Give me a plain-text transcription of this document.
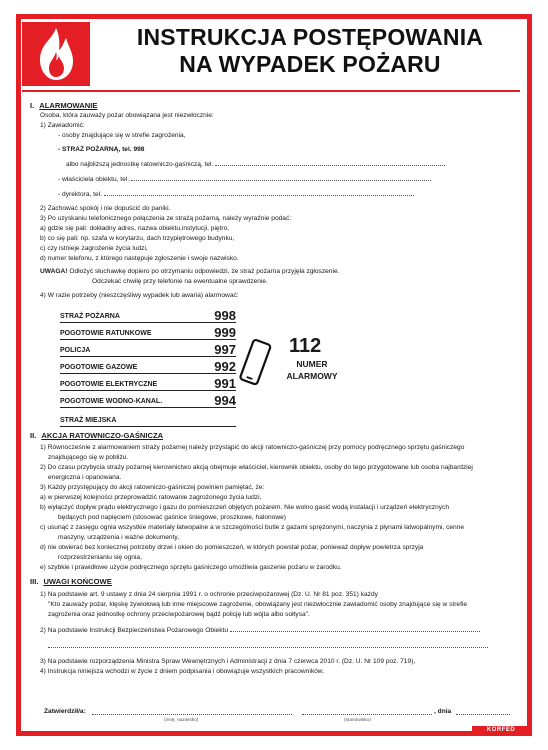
INSTRUKCJA POSTĘPOWANIA
NA WYPADEK POŻARU
I. ALARMOWANIE

Osoba, która zauważy pożar obowiązana jest niezwłocznie:

1) Zawiadomić:

- osoby znajdujące się w strefie zagrożenia,

- STRAŻ POŻARNĄ, tel. 998

albo najbliższą jednostkę ratowniczo-gaśniczą, tel.

- właściciela obiektu, tel.

- dyrektora, tel.

2) Zachować spokój i nie dopuścić do paniki.

3) Po uzyskaniu telefonicznego połączenia ze strażą pożarną, należy wyraźnie podać:

a) gdzie się pali: dokładny adres, nazwa obiektu,instytucji, piętro,

b) co się pali: np. szafa w korytarzu, dach trzypiętrowego budynku,

c) czy istnieje zagrożenie życia ludzi,

d) numer telefonu, z którego następuje zgłoszenie i swoje nazwisko.

UWAGA! Odłożyć słuchawkę dopiero po otrzymaniu odpowiedzi, że straż pożarna przyjęła zgłoszenie.

Odczekać chwilę przy telefonie na ewentualne sprawdzenie.

4) W razie potrzeby (nieszczęśliwy wypadek lub awaria) alarmować:

STRAŻ POŻARNA	998
POGOTOWIE RATUNKOWE	999
POLICJA	997
POGOTOWIE GAZOWE	992
POGOTOWIE ELEKTRYCZNE	991
POGOTOWIE WODNO-KANAL.	994
STRAŻ MIEJSKA
II. AKCJA RATOWNICZO-GAŚNICZA

1) Równocześnie z alarmowaniem straży pożarnej należy przystąpić do akcji ratowniczo-gaśniczej przy pomocy podręcznego sprzętu gaśniczego

znajdującego się w pobliżu.

2) Do czasu przybycia straży pożarnej kierownictwo akcją obejmuje właściciel, kierownik obiektu, osoby do tego przygotowane lub osoba najbardziej

energiczna i opanowana.

3) Każdy przystępujący do akcji ratowniczo-gaśniczej powinien pamiętać, że:

a) w pierwszej kolejności przeprowadzić ratowanie zagrożonego życia ludzi,

b) wyłączyć dopływ prądu elektrycznego i gazu do pomieszczeń objętych pożarem. Nie wolno gasić wodą instalacji i urządzeń elektrycznych

będących pod napięciem (stosować gaśnice śniegowe, proszkowe, halonowe)

c) usunąć z zasięgu ognia wszystkie materiały łatwopalne a w szczególności butle z gazami sprężonymi, naczynia z płynami łatwopalnymi, cenne

maszyny, urządzenia i ważne dokumenty,

d) nie otwierać bez koniecznej potrzeby drzwi i okien do pomieszczeń, w których powstał pożar, ponieważ dopływ powietrza sprzyja

rozprzestrzenianiu się ognia,

e) szybkie i prawidłowe użycie podręcznego sprzętu gaśniczego umożliwia gaszenie pożaru w zarodku.

III. UWAGI KOŃCOWE

1) Na podstawie art. 9 ustawy z dnia 24 sierpnia 1991 r. o ochronie przeciwpożarowej (Dz. U. Nr 81 poz. 351) każdy

"Kto zauważy pożar, klęskę żywiołową lub inne miejscowe zagrożenie, obowiązany jest niezwłocznie zawiadomić osoby znajdujące się w strefie

zagrożenia oraz jednostkę ochrony przeciwpożarowej bądź policję lub wójta albo sołtysa".

2) Na podstawie Instrukcji Bezpieczeństwa Pożarowego Obiektu

3) Na podstawie rozporządzenia Ministra Spraw Wewnętrznych i Administracji z dnia 7 czerwca 2010 r. (Dz. U. Nr 109 poz. 719),

4) Instrukcja niniejsza wchodzi w życie z dniem podpisania i obowiązuje wszystkich pracowników.

112
NUMER
ALARMOWY
Zatwierdził/a:
(imię, nazwisko)	(stanowisko)
, dnia
KORFED
